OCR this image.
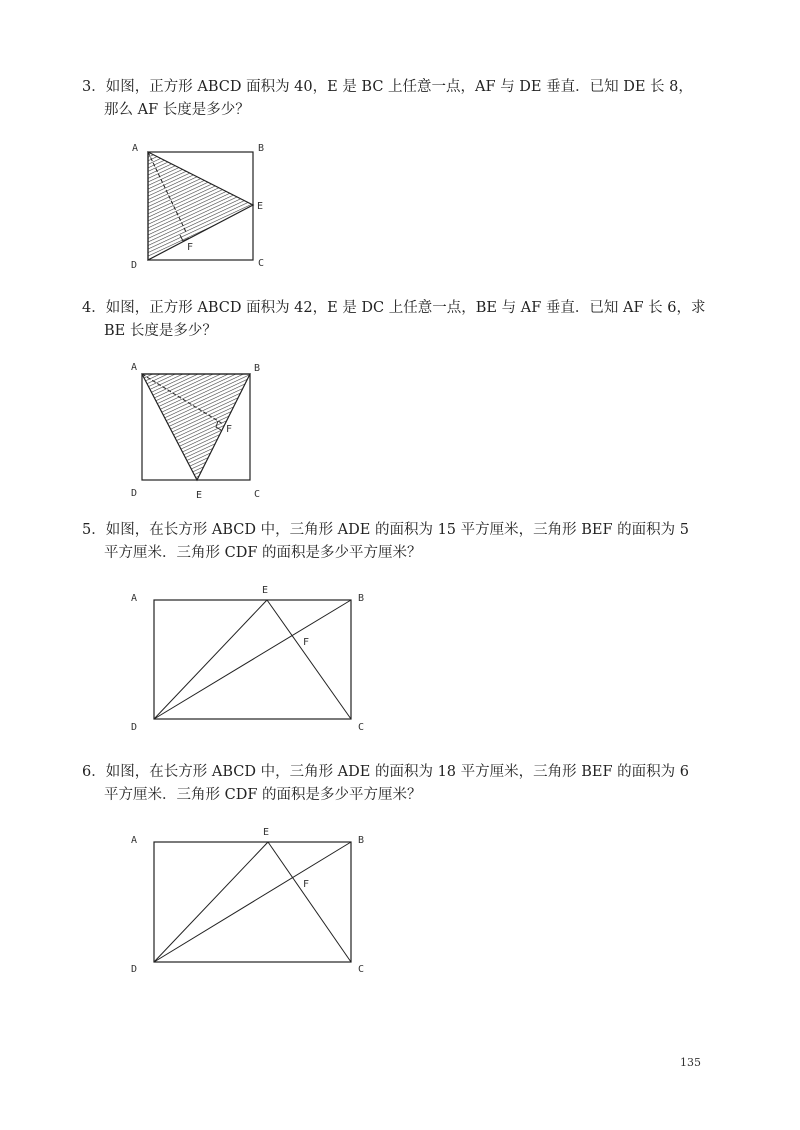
3．如图，正方形 ABCD 面积为 40，E 是 BC 上任意一点，AF 与 DE 垂直．已知 DE 长 8，
那么 AF 长度是多少？
4．如图，正方形 ABCD 面积为 42，E 是 DC 上任意一点，BE 与 AF 垂直．已知 AF 长 6，求
BE 长度是多少？
5．如图，在长方形 ABCD 中，三角形 ADE 的面积为 15 平方厘米，三角形 BEF 的面积为 5
平方厘米．三角形 CDF 的面积是多少平方厘米？
6．如图，在长方形 ABCD 中，三角形 ADE 的面积为 18 平方厘米，三角形 BEF 的面积为 6
平方厘米．三角形 CDF 的面积是多少平方厘米？
A	B
C
D
E
F
A	B
C
D	E
F
A	B
C
D
E
F
A	B
C
D
E
F
135
